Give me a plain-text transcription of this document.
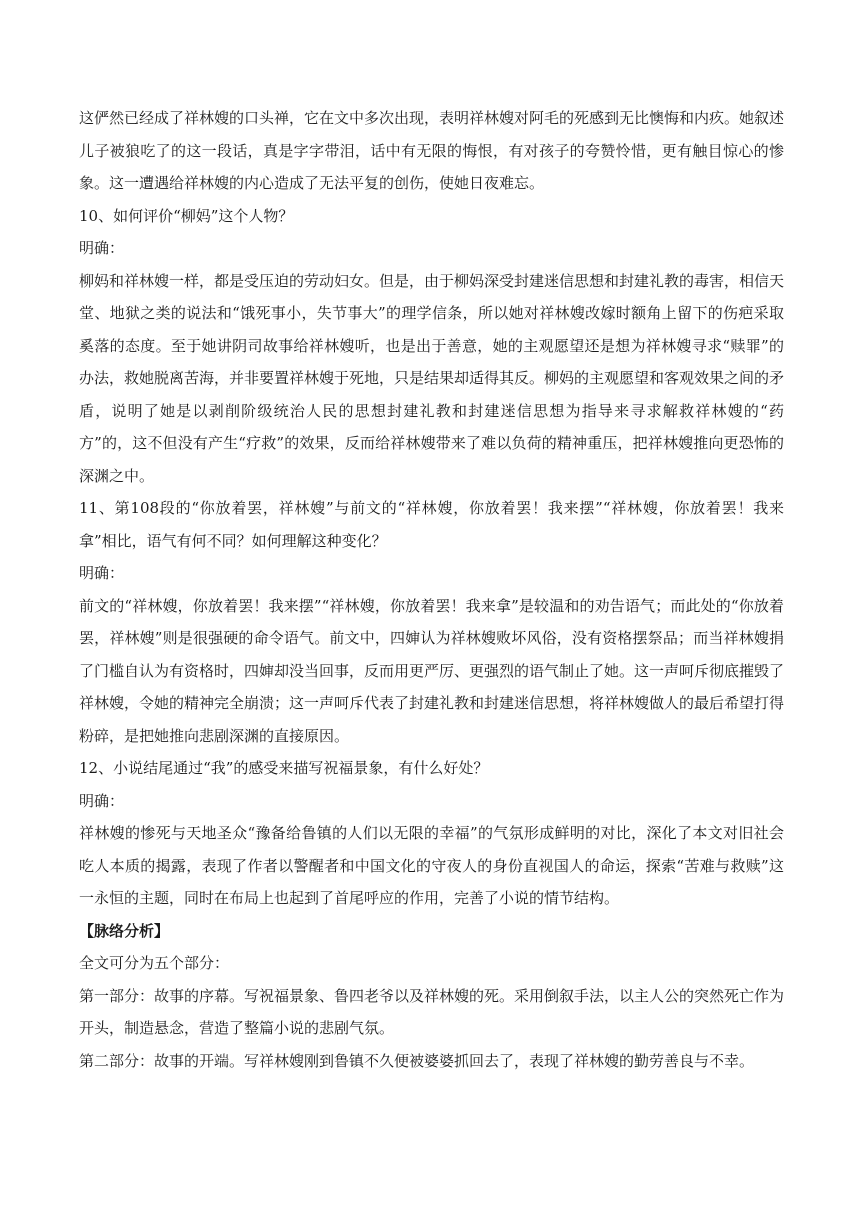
这俨然已经成了祥林嫂的口头禅，它在文中多次出现，表明祥林嫂对阿毛的死感到无比懊悔和内疚。她叙述儿子被狼吃了的这一段话，真是字字带泪，话中有无限的悔恨，有对孩子的夸赞怜惜，更有触目惊心的惨象。这一遭遇给祥林嫂的内心造成了无法平复的创伤，使她日夜难忘。

10、如何评价“柳妈”这个人物？

明确：

柳妈和祥林嫂一样，都是受压迫的劳动妇女。但是，由于柳妈深受封建迷信思想和封建礼教的毒害，相信天堂、地狱之类的说法和“饿死事小，失节事大”的理学信条，所以她对祥林嫂改嫁时额角上留下的伤疤采取奚落的态度。至于她讲阴司故事给祥林嫂听，也是出于善意，她的主观愿望还是想为祥林嫂寻求“赎罪”的办法，救她脱离苦海，并非要置祥林嫂于死地，只是结果却适得其反。柳妈的主观愿望和客观效果之间的矛盾，说明了她是以剥削阶级统治人民的思想封建礼教和封建迷信思想为指导来寻求解救祥林嫂的“药方”的，这不但没有产生“疗救”的效果，反而给祥林嫂带来了难以负荷的精神重压，把祥林嫂推向更恐怖的深渊之中。

11、第108段的“你放着罢，祥林嫂”与前文的“祥林嫂，你放着罢！我来摆”“祥林嫂，你放着罢！我来拿”相比，语气有何不同？如何理解这种变化？

明确：

前文的“祥林嫂，你放着罢！我来摆”“祥林嫂，你放着罢！我来拿”是较温和的劝告语气；而此处的“你放着罢，祥林嫂”则是很强硬的命令语气。前文中，四婶认为祥林嫂败坏风俗，没有资格摆祭品；而当祥林嫂捐了门槛自认为有资格时，四婶却没当回事，反而用更严厉、更强烈的语气制止了她。这一声呵斥彻底摧毁了祥林嫂，令她的精神完全崩溃；这一声呵斥代表了封建礼教和封建迷信思想，将祥林嫂做人的最后希望打得粉碎，是把她推向悲剧深渊的直接原因。

12、小说结尾通过“我”的感受来描写祝福景象，有什么好处？

明确：

祥林嫂的惨死与天地圣众“豫备给鲁镇的人们以无限的幸福”的气氛形成鲜明的对比，深化了本文对旧社会吃人本质的揭露，表现了作者以警醒者和中国文化的守夜人的身份直视国人的命运，探索“苦难与救赎”这一永恒的主题，同时在布局上也起到了首尾呼应的作用，完善了小说的情节结构。

【脉络分析】

全文可分为五个部分：

第一部分：故事的序幕。写祝福景象、鲁四老爷以及祥林嫂的死。采用倒叙手法，以主人公的突然死亡作为开头，制造悬念，营造了整篇小说的悲剧气氛。

第二部分：故事的开端。写祥林嫂刚到鲁镇不久便被婆婆抓回去了，表现了祥林嫂的勤劳善良与不幸。
